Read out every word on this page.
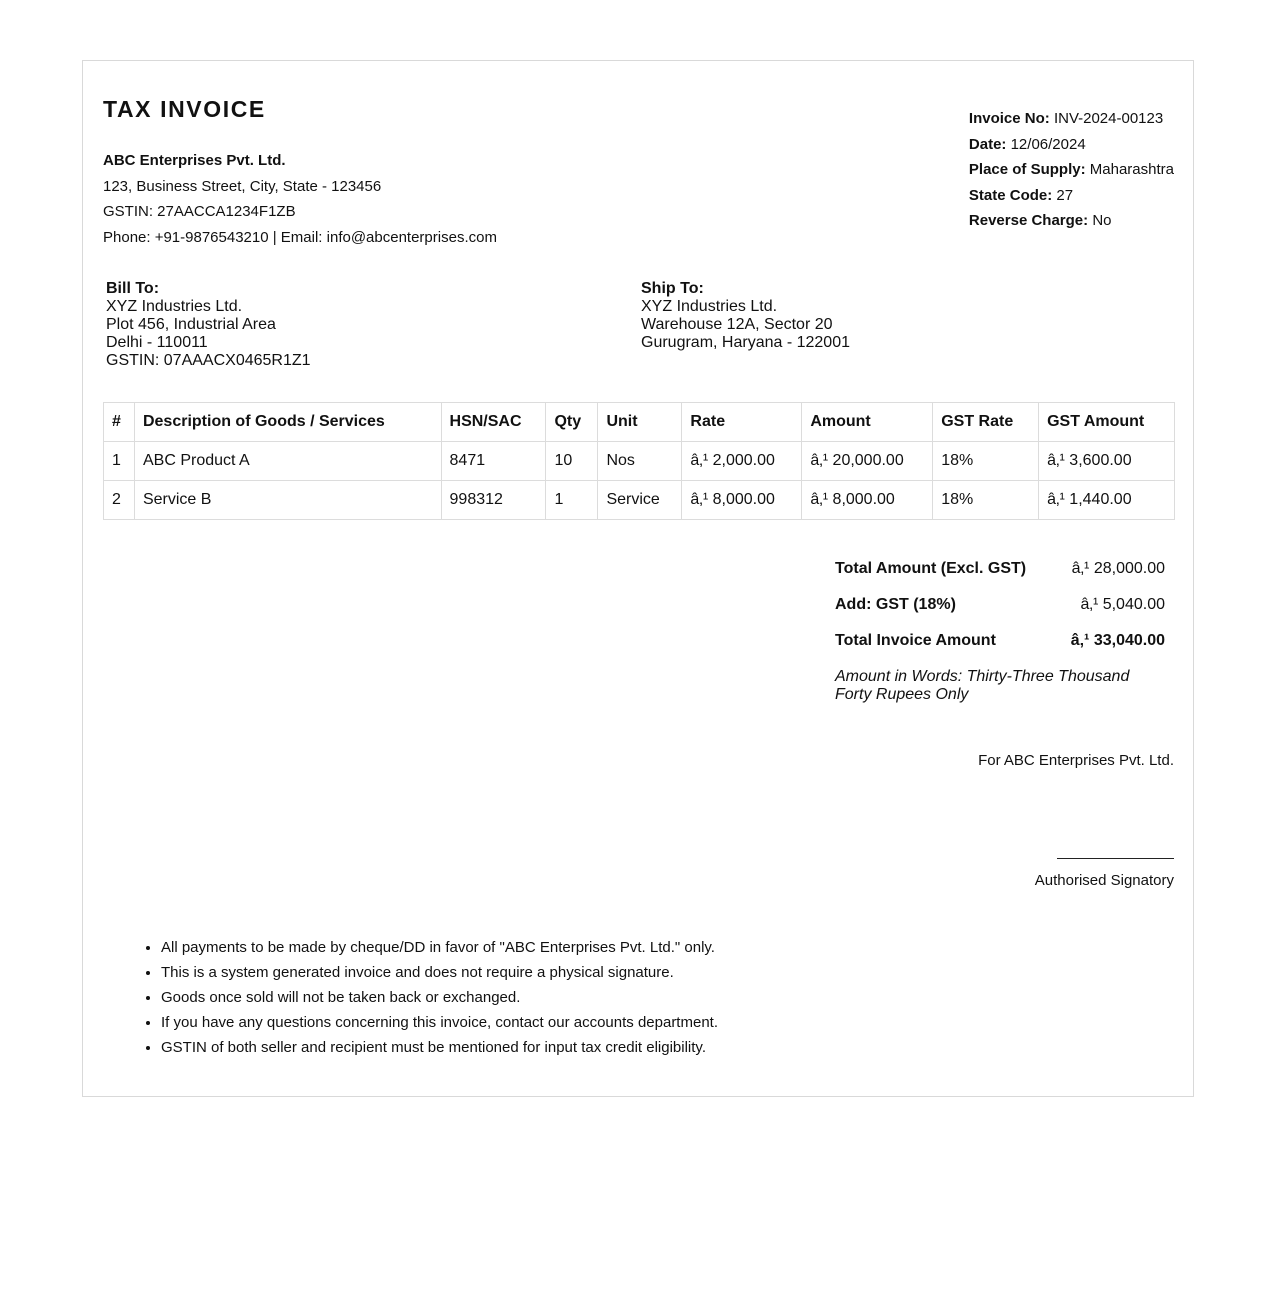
TAX INVOICE
ABC Enterprises Pvt. Ltd.
123, Business Street, City, State - 123456
GSTIN: 27AACCA1234F1ZB
Phone: +91-9876543210 | Email: info@abcenterprises.com
Invoice No: INV-2024-00123
Date: 12/06/2024
Place of Supply: Maharashtra
State Code: 27
Reverse Charge: No
Bill To:
XYZ Industries Ltd.
Plot 456, Industrial Area
Delhi - 110011
GSTIN: 07AAACX0465R1Z1
Ship To:
XYZ Industries Ltd.
Warehouse 12A, Sector 20
Gurugram, Haryana - 122001
#	Description of Goods / Services	HSN/SAC	Qty	Unit	Rate	Amount	GST Rate	GST Amount
1	ABC Product A	8471	10	Nos	â‚¹ 2,000.00	â‚¹ 20,000.00	18%	â‚¹ 3,600.00
2	Service B	998312	1	Service	â‚¹ 8,000.00	â‚¹ 8,000.00	18%	â‚¹ 1,440.00
Total Amount (Excl. GST)	â‚¹ 28,000.00
Add: GST (18%)	â‚¹ 5,040.00
Total Invoice Amount	â‚¹ 33,040.00
Amount in Words: Thirty-Three Thousand Forty Rupees Only
For ABC Enterprises Pvt. Ltd.
Authorised Signatory
• All payments to be made by cheque/DD in favor of "ABC Enterprises Pvt. Ltd." only.
• This is a system generated invoice and does not require a physical signature.
• Goods once sold will not be taken back or exchanged.
• If you have any questions concerning this invoice, contact our accounts department.
• GSTIN of both seller and recipient must be mentioned for input tax credit eligibility.
